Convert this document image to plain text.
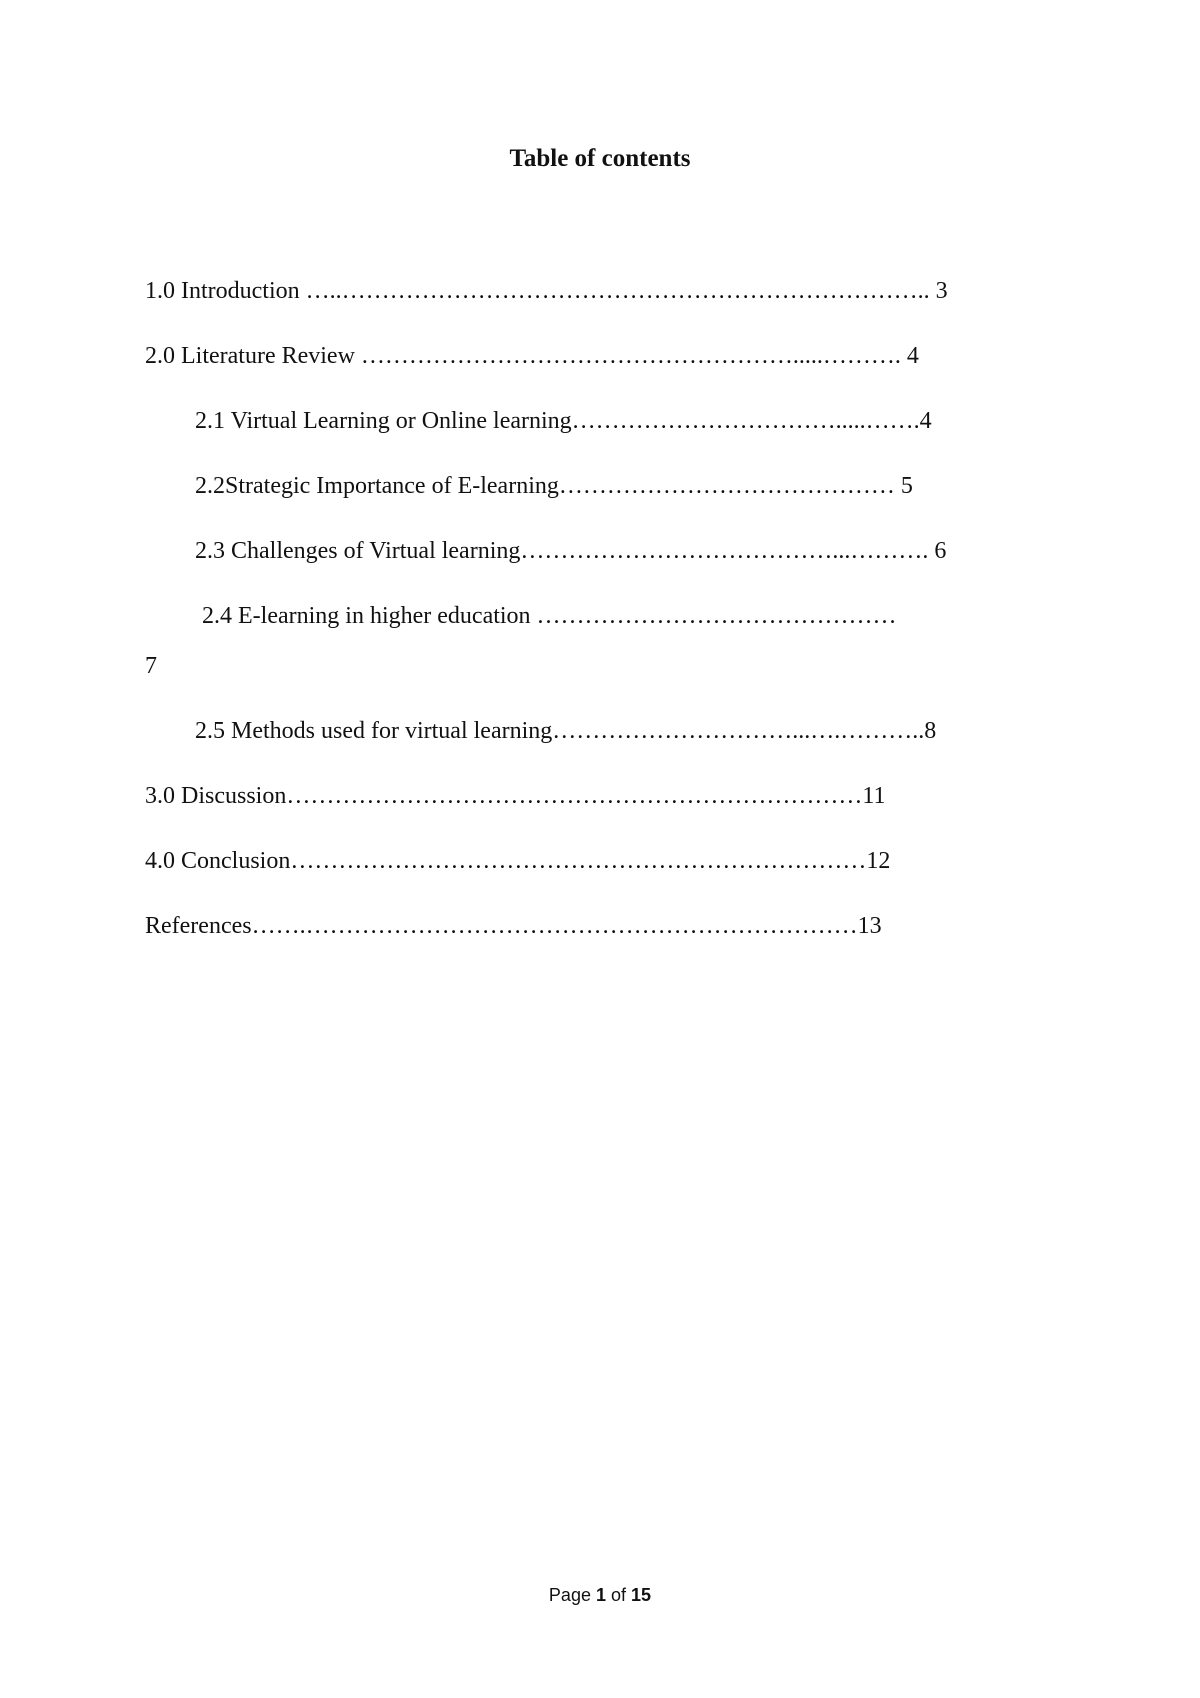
Table of contents

1.0 Introduction …..……………………………………………………………….. 3

2.0 Literature Review ……………………………………………….....………. 4

2.1 Virtual Learning or Online learning…………………………….....…….4

2.2Strategic Importance of E-learning…………………………………… 5

2.3 Challenges of Virtual learning…………………………………...………. 6

2.4 E-learning in higher education ………………………………………

7

2.5 Methods used for virtual learning…………………………...….………..8

3.0 Discussion………………………………………………………………11

4.0 Conclusion………………………………………………………………12

References…….……………………………………………………………13

Page 1 of 15
